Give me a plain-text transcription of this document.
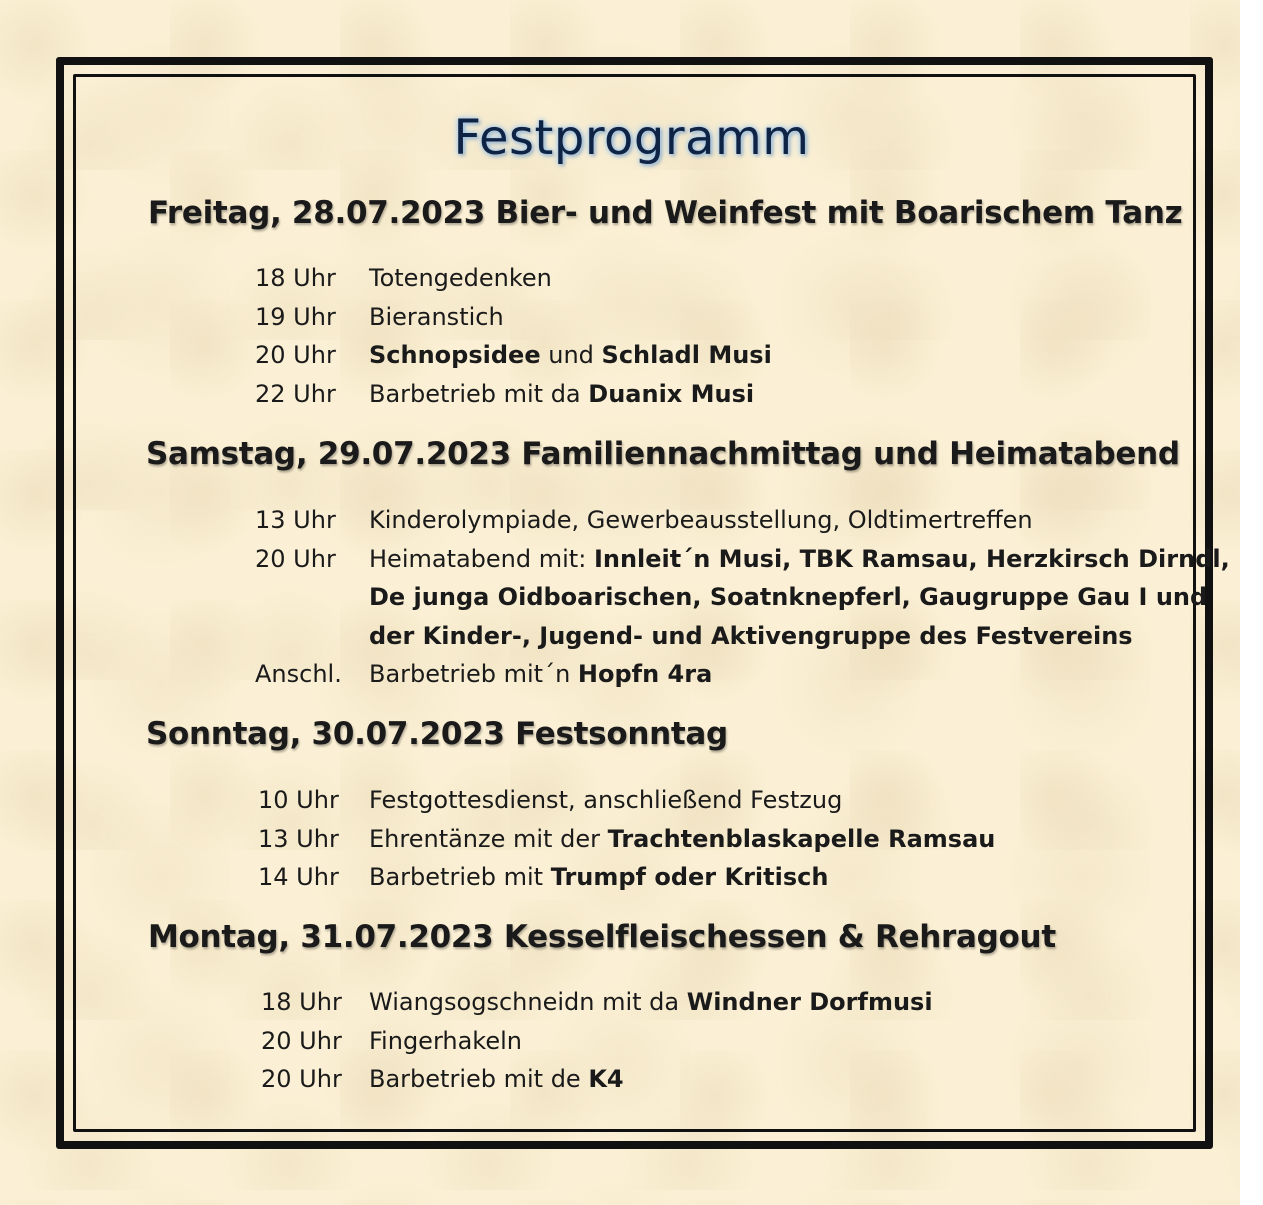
Festprogramm
Freitag, 28.07.2023 Bier- und Weinfest mit Boarischem Tanz
18 Uhr Totengedenken
19 Uhr Bieranstich
20 Uhr Schnopsidee und Schladl Musi
22 Uhr Barbetrieb mit da Duanix Musi
Samstag, 29.07.2023 Familiennachmittag und Heimatabend
13 Uhr Kinderolympiade, Gewerbeausstellung, Oldtimertreffen
20 Uhr Heimatabend mit: Innleit´n Musi, TBK Ramsau, Herzkirsch Dirndl,
De junga Oidboarischen, Soatnknepferl, Gaugruppe Gau I und
der Kinder-, Jugend- und Aktivengruppe des Festvereins
Anschl. Barbetrieb mit´n Hopfn 4ra
Sonntag, 30.07.2023 Festsonntag
10 Uhr Festgottesdienst, anschließend Festzug
13 Uhr Ehrentänze mit der Trachtenblaskapelle Ramsau
14 Uhr Barbetrieb mit Trumpf oder Kritisch
Montag, 31.07.2023 Kesselfleischessen & Rehragout
18 Uhr Wiangsogschneidn mit da Windner Dorfmusi
20 Uhr Fingerhakeln
20 Uhr Barbetrieb mit de K4
